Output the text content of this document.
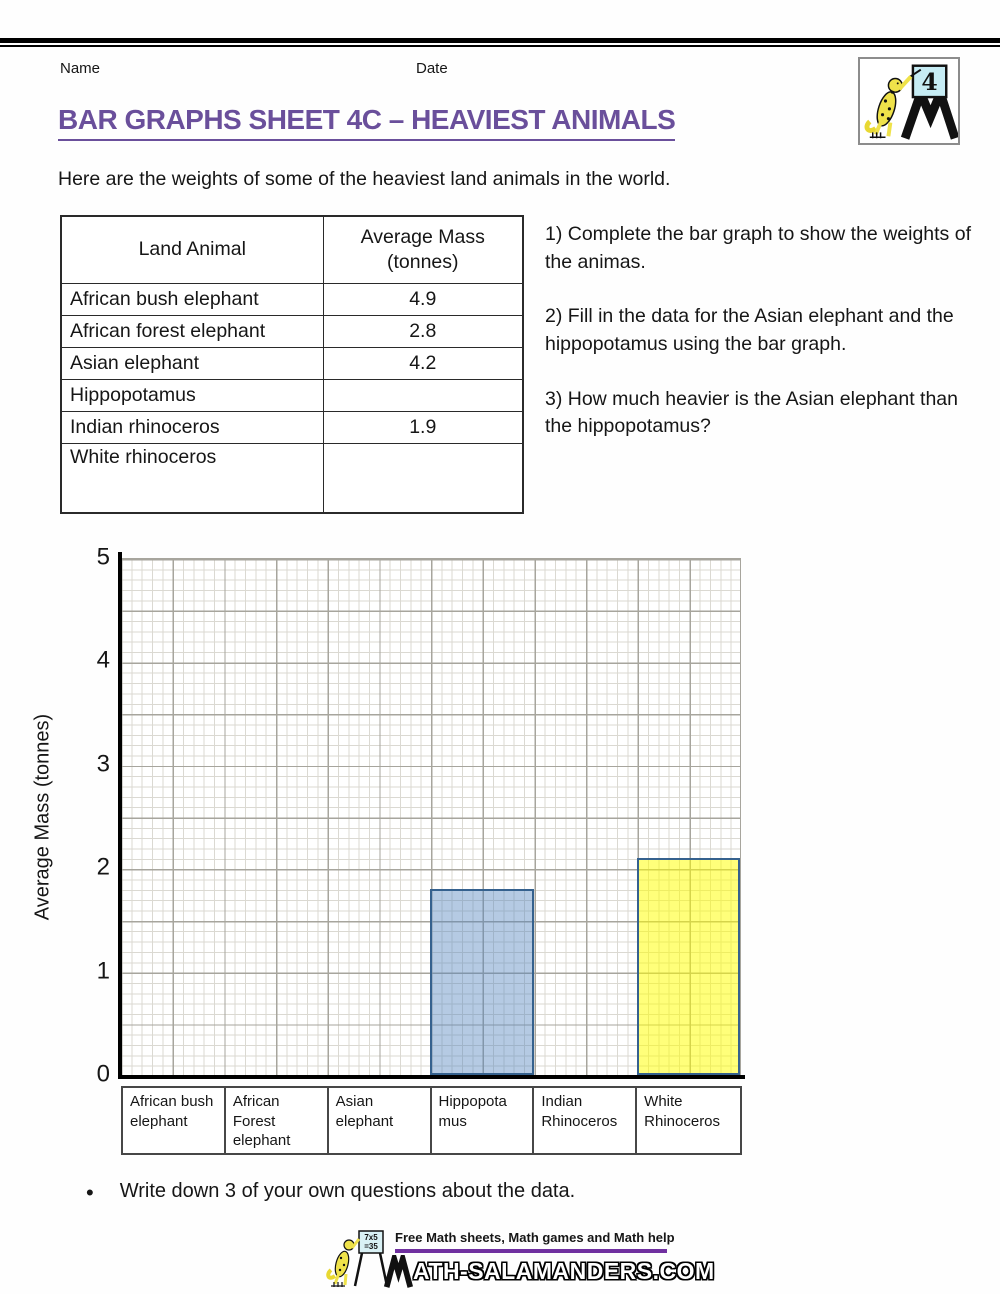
Name	Date	4
BAR GRAPHS SHEET 4C – HEAVIEST ANIMALS
Here are the weights of some of the heaviest land animals in the world.
Land Animal	Average Mass (tonnes)
African bush elephant	4.9
African forest elephant	2.8
Asian elephant	4.2
Hippopotamus	
Indian rhinoceros	1.9
White rhinoceros	

1) Complete the bar graph to show the weights of the animas.

2) Fill in the data for the Asian elephant and the hippopotamus using the bar graph.

3) How much heavier is the Asian elephant than the hippopotamus?

Average Mass (tonnes)
5
4
3
2
1
0
African bush elephant
African Forest elephant
Asian elephant
Hippopota mus
Indian Rhinoceros
White Rhinoceros
• Write down 3 of your own questions about the data.
7x5
=35
Free Math sheets, Math games and Math help
ATH-SALAMANDERS.COM
